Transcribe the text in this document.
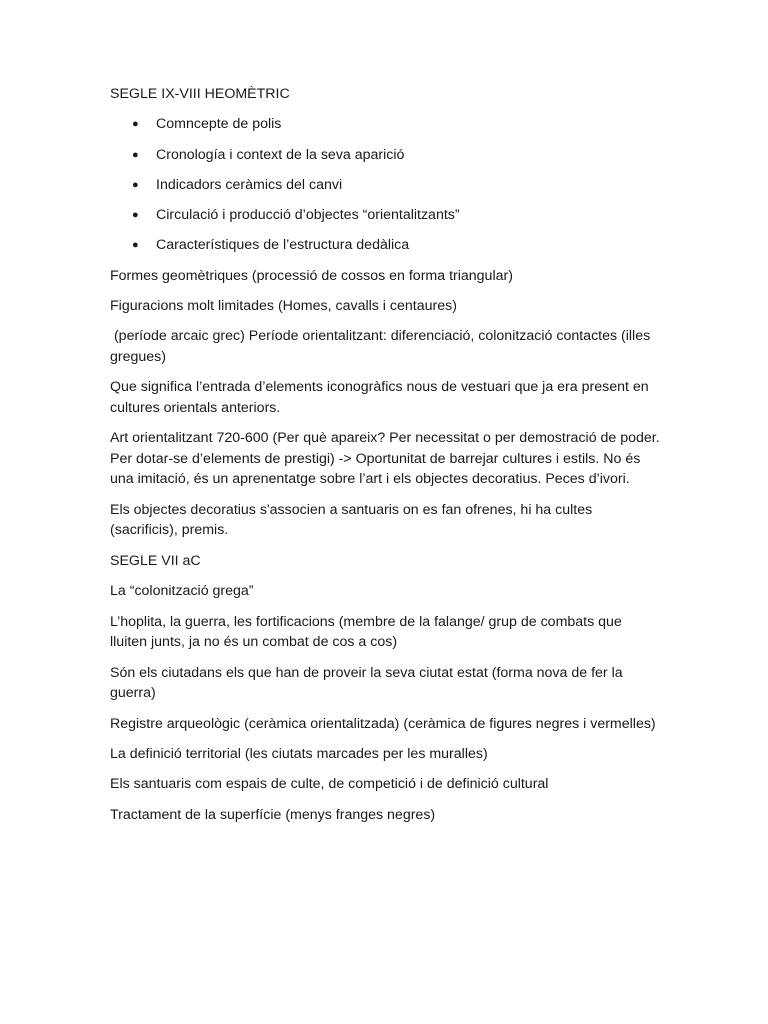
SEGLE IX-VIII HEOMÈTRIC

● Comncepte de polis
● Cronología i context de la seva aparició
● Indicadors ceràmics del canvi
● Circulació i producció d’objectes “orientalitzants”
● Característiques de l’estructura dedàlica

Formes geomètriques (processió de cossos en forma triangular)

Figuracions molt limitades (Homes, cavalls i centaures)

(període arcaic grec) Període orientalitzant: diferenciació, colonització contactes (illes gregues)

Que significa l’entrada d’elements iconogràfics nous de vestuari que ja era present en cultures orientals anteriors.

Art orientalitzant 720-600 (Per què apareix? Per necessitat o per demostració de poder. Per dotar-se d’elements de prestigi) -> Oportunitat de barrejar cultures i estils. No és una imitació, és un aprenentatge sobre l’art i els objectes decoratius. Peces d’ivori.

Els objectes decoratius s'associen a santuaris on es fan ofrenes, hi ha cultes (sacrificis), premis.

SEGLE VII aC

La “colonització grega”

L’hoplita, la guerra, les fortificacions (membre de la falange/ grup de combats que lluiten junts, ja no és un combat de cos a cos)

Són els ciutadans els que han de proveir la seva ciutat estat (forma nova de fer la guerra)

Registre arqueològic (ceràmica orientalitzada) (ceràmica de figures negres i vermelles)

La definició territorial (les ciutats marcades per les muralles)

Els santuaris com espais de culte, de competició i de definició cultural

Tractament de la superfície (menys franges negres)
